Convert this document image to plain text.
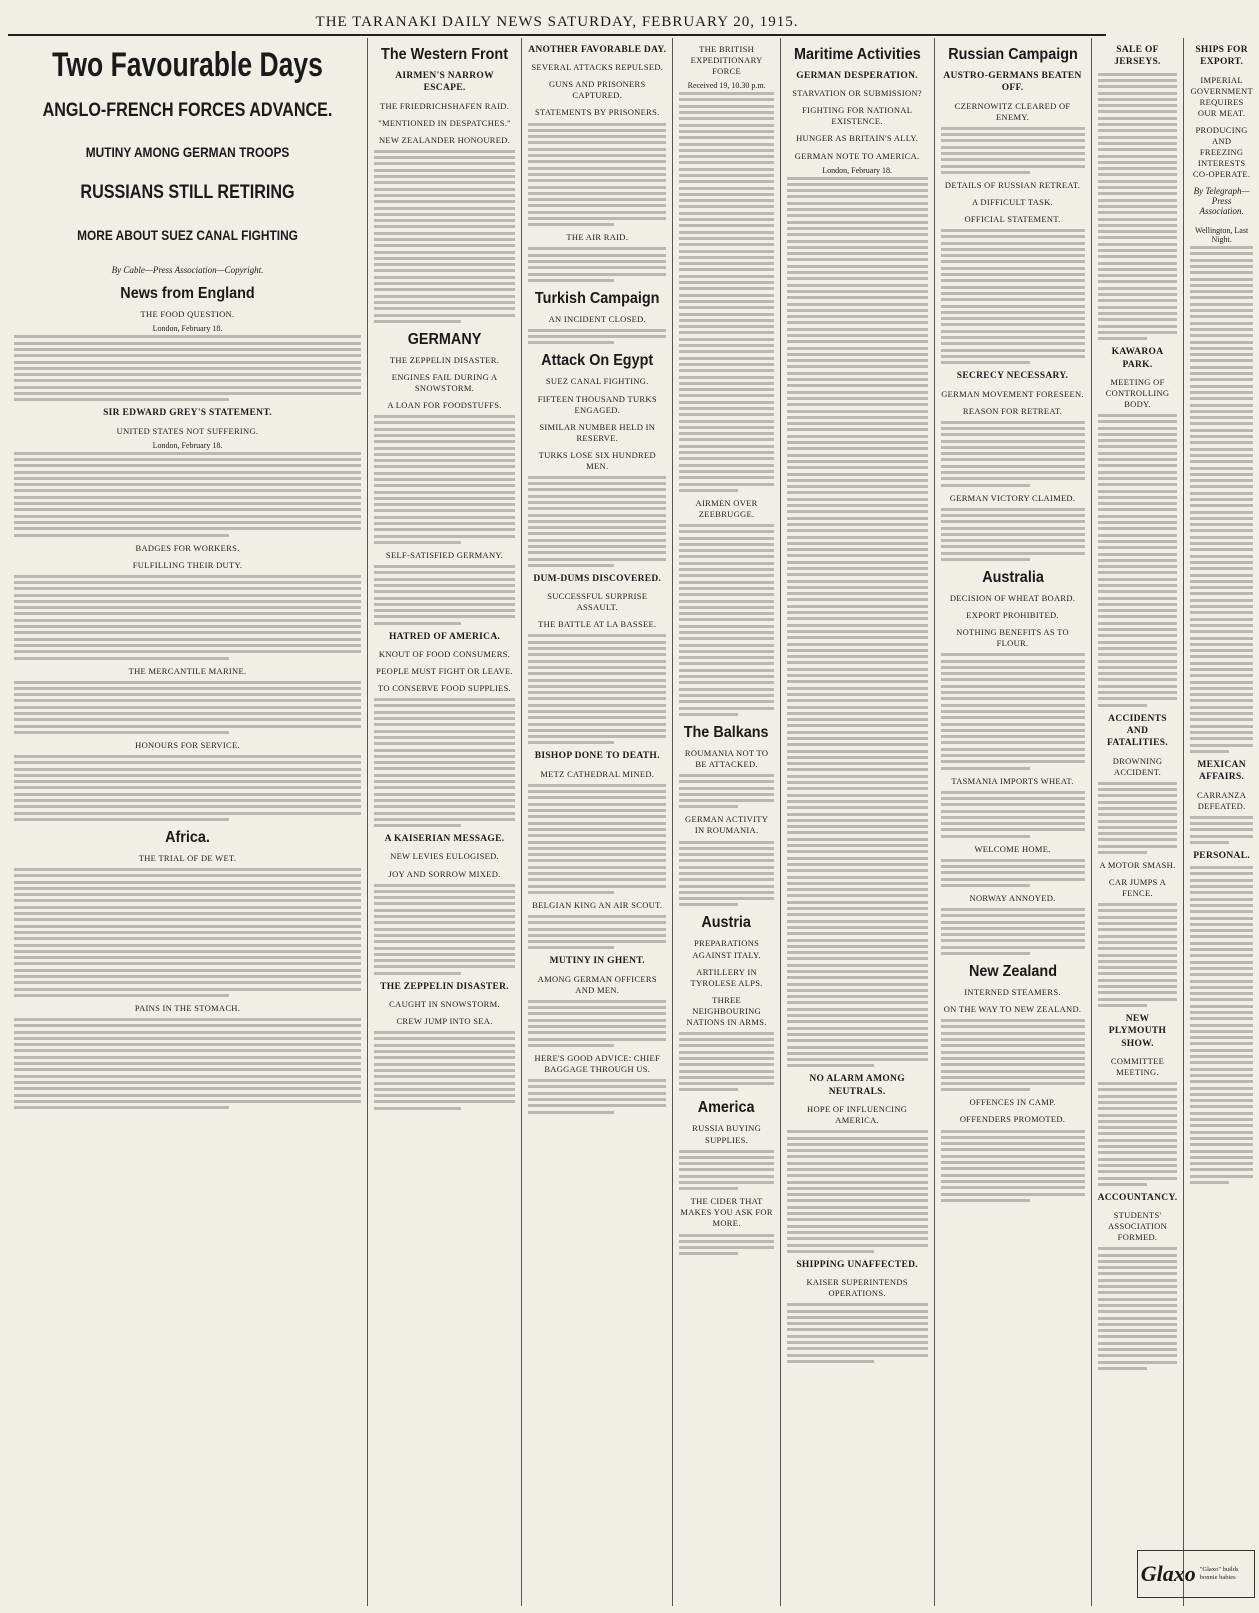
THE TARANAKI DAILY NEWS SATURDAY, FEBRUARY 20, 1915.
Two Favourable Days
ANGLO-FRENCH FORCES ADVANCE.
MUTINY AMONG GERMAN TROOPS
RUSSIANS STILL RETIRING
MORE ABOUT SUEZ CANAL FIGHTING
By Cable—Press Association—Copyright.
News from England
THE FOOD QUESTION.
London, February 18.
SIR EDWARD GREY'S STATEMENT.
UNITED STATES NOT SUFFERING.
London, February 18.
BADGES FOR WORKERS.
FULFILLING THEIR DUTY.
THE MERCANTILE MARINE.
HONOURS FOR SERVICE.
Africa.
THE TRIAL OF DE WET.
PAINS IN THE STOMACH.
The Western Front
AIRMEN'S NARROW ESCAPE.
THE FRIEDRICHSHAFEN RAID.
"MENTIONED IN DESPATCHES."
NEW ZEALANDER HONOURED.
GERMANY
THE ZEPPELIN DISASTER.
ENGINES FAIL DURING A SNOWSTORM.
A LOAN FOR FOODSTUFFS.
SELF-SATISFIED GERMANY.
HATRED OF AMERICA.
KNOUT OF FOOD CONSUMERS.
PEOPLE MUST FIGHT OR LEAVE.
TO CONSERVE FOOD SUPPLIES.
A KAISERIAN MESSAGE.
NEW LEVIES EULOGISED.
JOY AND SORROW MIXED.
THE ZEPPELIN DISASTER.
CAUGHT IN SNOWSTORM.
CREW JUMP INTO SEA.
ANOTHER FAVORABLE DAY.
SEVERAL ATTACKS REPULSED.
GUNS AND PRISONERS CAPTURED.
STATEMENTS BY PRISONERS.
THE AIR RAID.
Turkish Campaign
AN INCIDENT CLOSED.
Attack On Egypt
SUEZ CANAL FIGHTING.
FIFTEEN THOUSAND TURKS ENGAGED.
SIMILAR NUMBER HELD IN RESERVE.
TURKS LOSE SIX HUNDRED MEN.
DUM-DUMS DISCOVERED.
SUCCESSFUL SURPRISE ASSAULT.
THE BATTLE AT LA BASSEE.
BISHOP DONE TO DEATH.
METZ CATHEDRAL MINED.
BELGIAN KING AN AIR SCOUT.
MUTINY IN GHENT.
AMONG GERMAN OFFICERS AND MEN.
HERE'S GOOD ADVICE: CHIEF BAGGAGE THROUGH US.
THE BRITISH EXPEDITIONARY FORCE
Received 19, 10.30 p.m.
AIRMEN OVER ZEEBRUGGE.
The Balkans
ROUMANIA NOT TO BE ATTACKED.
GERMAN ACTIVITY IN ROUMANIA.
Austria
PREPARATIONS AGAINST ITALY.
ARTILLERY IN TYROLESE ALPS.
THREE NEIGHBOURING NATIONS IN ARMS.
America
RUSSIA BUYING SUPPLIES.
THE CIDER THAT MAKES YOU ASK FOR MORE.
Maritime Activities
GERMAN DESPERATION.
STARVATION OR SUBMISSION?
FIGHTING FOR NATIONAL EXISTENCE.
HUNGER AS BRITAIN'S ALLY.
GERMAN NOTE TO AMERICA.
London, February 18.
NO ALARM AMONG NEUTRALS.
HOPE OF INFLUENCING AMERICA.
SHIPPING UNAFFECTED.
KAISER SUPERINTENDS OPERATIONS.
Russian Campaign
AUSTRO-GERMANS BEATEN OFF.
CZERNOWITZ CLEARED OF ENEMY.
DETAILS OF RUSSIAN RETREAT.
A DIFFICULT TASK.
OFFICIAL STATEMENT.
SECRECY NECESSARY.
GERMAN MOVEMENT FORESEEN.
REASON FOR RETREAT.
GERMAN VICTORY CLAIMED.
Australia
DECISION OF WHEAT BOARD.
EXPORT PROHIBITED.
NOTHING BENEFITS AS TO FLOUR.
TASMANIA IMPORTS WHEAT.
WELCOME HOME.
NORWAY ANNOYED.
New Zealand
INTERNED STEAMERS.
ON THE WAY TO NEW ZEALAND.
OFFENCES IN CAMP.
OFFENDERS PROMOTED.
SALE OF JERSEYS.
KAWAROA PARK.
MEETING OF CONTROLLING BODY.
ACCIDENTS AND FATALITIES.
DROWNING ACCIDENT.
A MOTOR SMASH.
CAR JUMPS A FENCE.
NEW PLYMOUTH SHOW.
COMMITTEE MEETING.
ACCOUNTANCY.
STUDENTS' ASSOCIATION FORMED.
SHIPS FOR EXPORT.
IMPERIAL GOVERNMENT REQUIRES OUR MEAT.
PRODUCING AND FREEZING INTERESTS CO-OPERATE.
By Telegraph—Press Association.
Wellington, Last Night.
MEXICAN AFFAIRS.
CARRANZA DEFEATED.
PERSONAL.
Glaxo "Glaxo" builds bonnie babies
